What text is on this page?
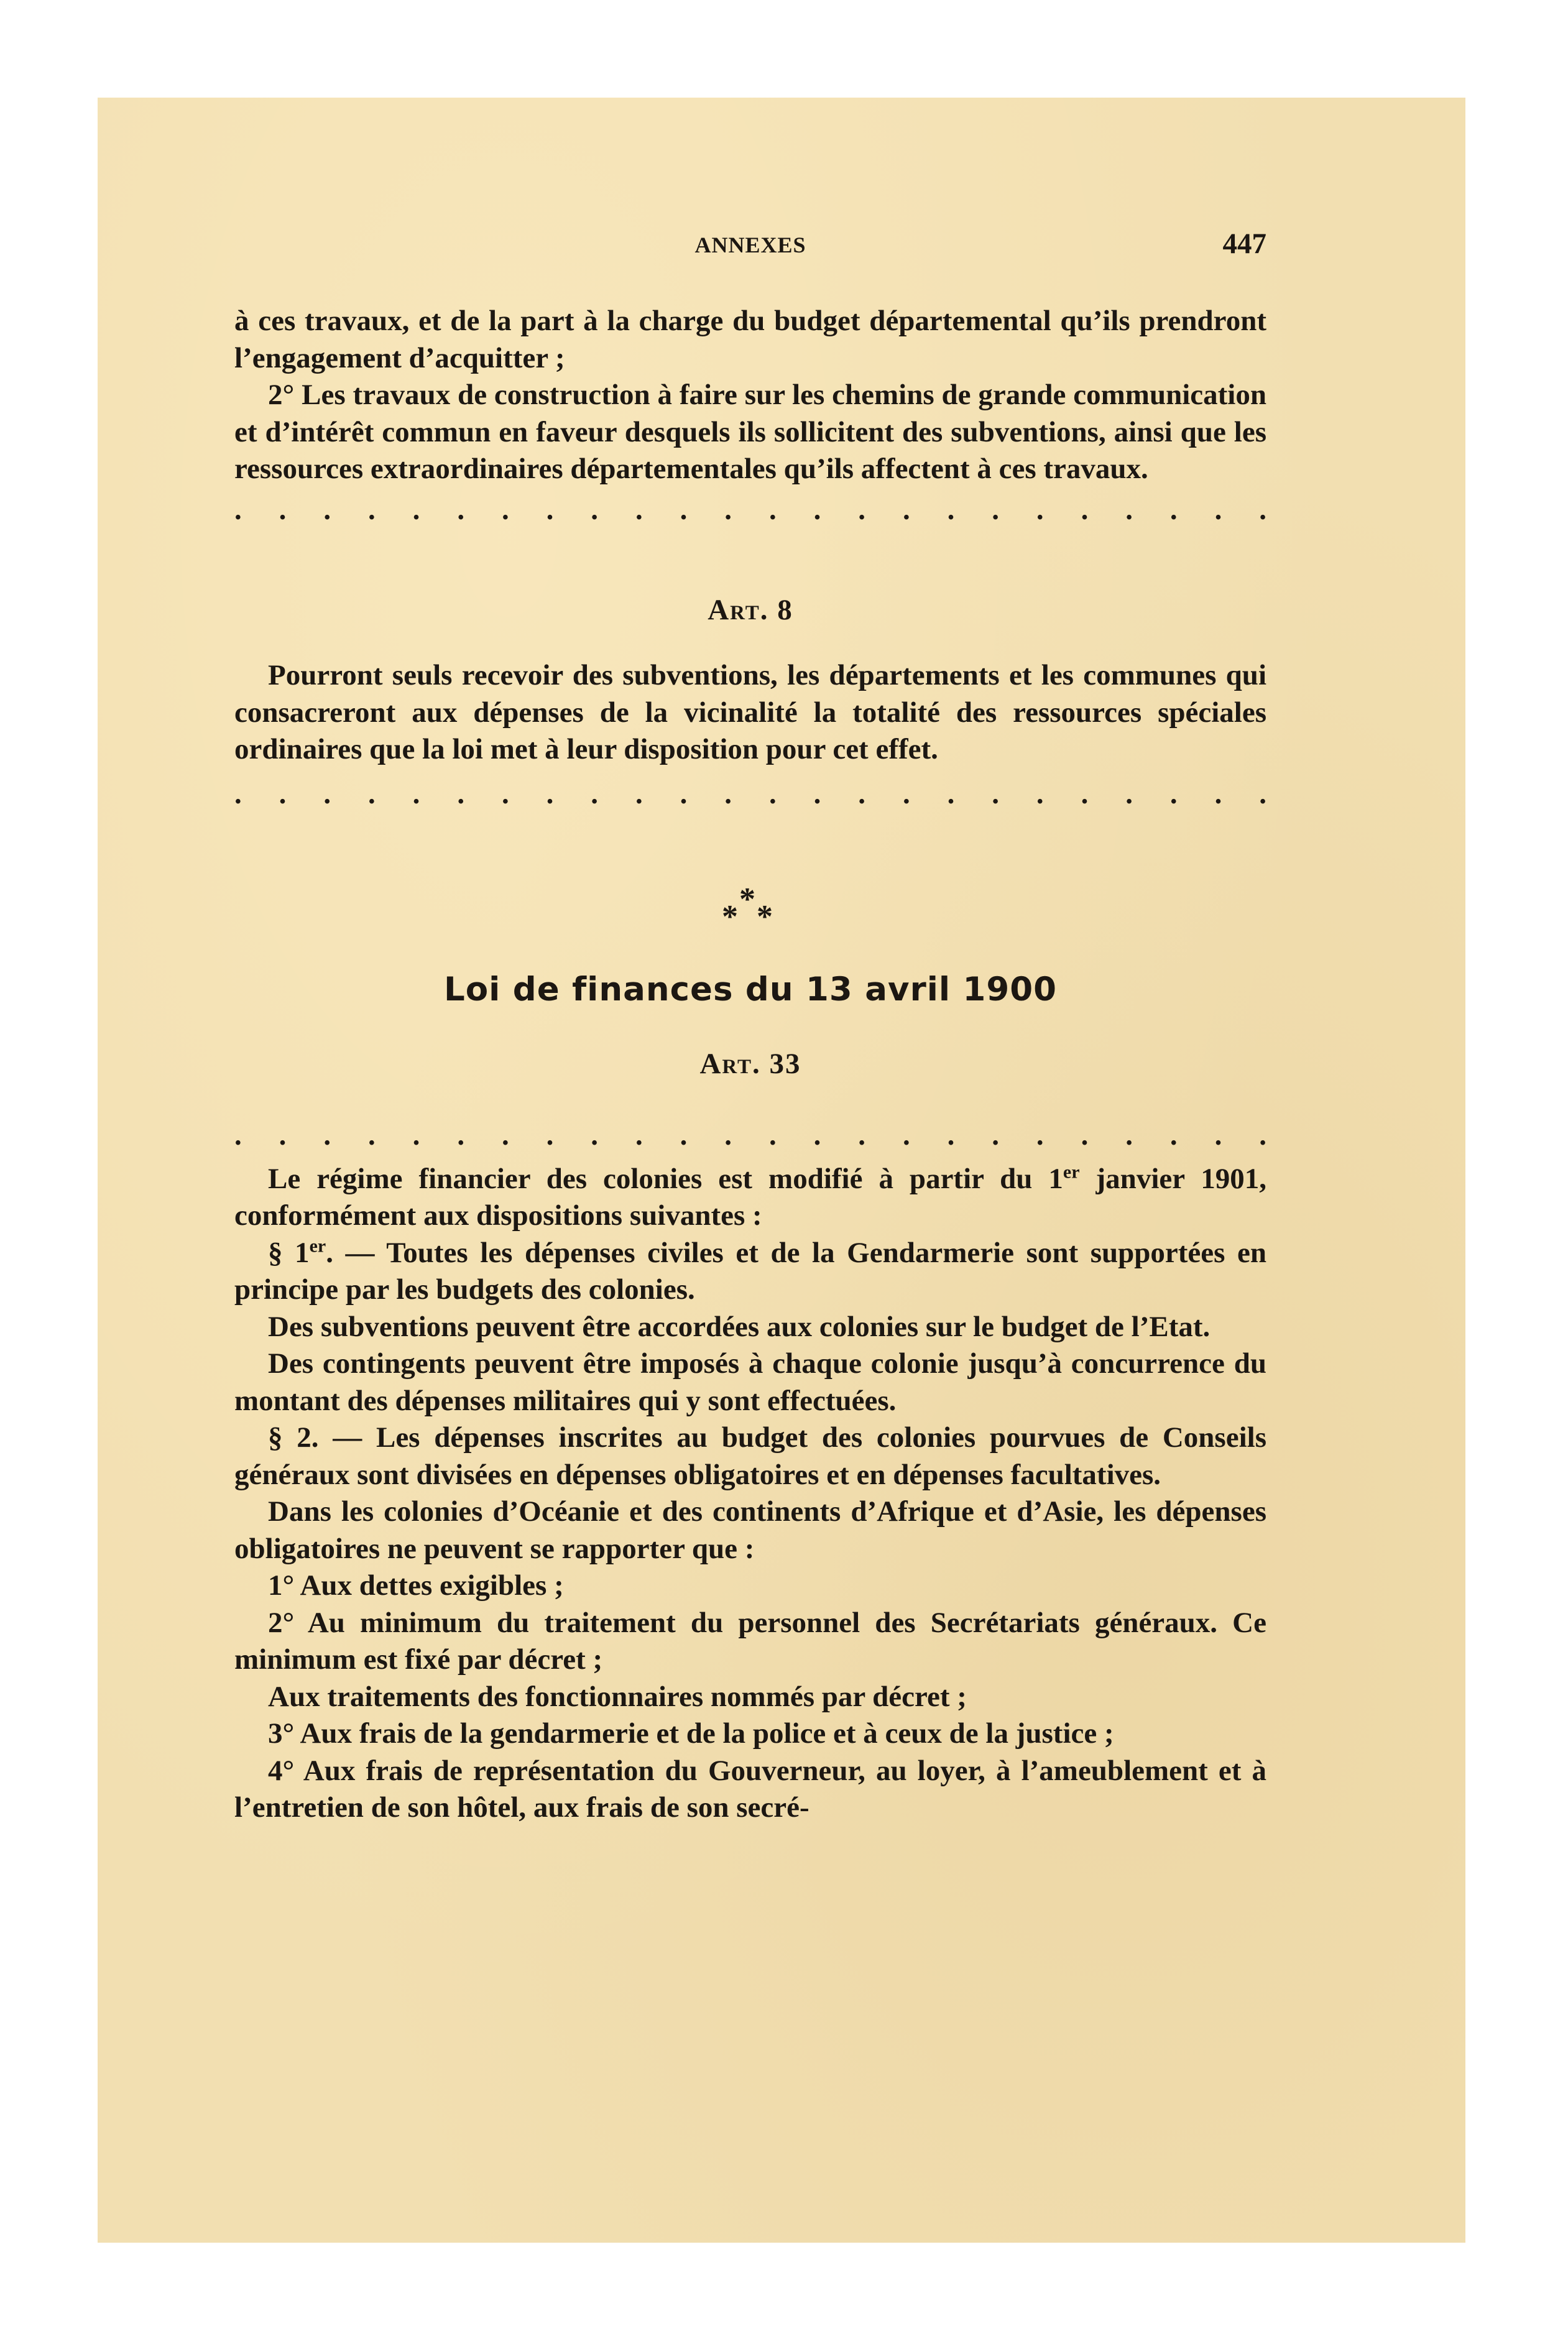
ANNEXES	447

à ces travaux, et de la part à la charge du budget départemental qu’ils prendront l’engagement d’acquitter ;

2° Les travaux de construction à faire sur les chemins de grande communication et d’intérêt commun en faveur desquels ils sollicitent des subventions, ainsi que les ressources extraordinaires départementales qu’ils affectent à ces travaux.

. . . . . . . . . . . . . . . . . . . . . . . .

Art. 8

Pourront seuls recevoir des subventions, les départements et les communes qui consacreront aux dépenses de la vicinalité la totalité des ressources spéciales ordinaires que la loi met à leur disposition pour cet effet.

. . . . . . . . . . . . . . . . . . . . . . . .

*
* *

Loi de finances du 13 avril 1900

Art. 33

. . . . . . . . . . . . . . . . . . . . . . . .

Le régime financier des colonies est modifié à partir du 1er janvier 1901, conformément aux dispositions suivantes :

§ 1er. — Toutes les dépenses civiles et de la Gendarmerie sont supportées en principe par les budgets des colonies.

Des subventions peuvent être accordées aux colonies sur le budget de l’Etat.

Des contingents peuvent être imposés à chaque colonie jusqu’à concurrence du montant des dépenses militaires qui y sont effectuées.

§ 2. — Les dépenses inscrites au budget des colonies pourvues de Conseils généraux sont divisées en dépenses obligatoires et en dépenses facultatives.

Dans les colonies d’Océanie et des continents d’Afrique et d’Asie, les dépenses obligatoires ne peuvent se rapporter que :

1° Aux dettes exigibles ;

2° Au minimum du traitement du personnel des Secrétariats généraux. Ce minimum est fixé par décret ;

Aux traitements des fonctionnaires nommés par décret ;

3° Aux frais de la gendarmerie et de la police et à ceux de la justice ;

4° Aux frais de représentation du Gouverneur, au loyer, à l’ameublement et à l’entretien de son hôtel, aux frais de son secré-
